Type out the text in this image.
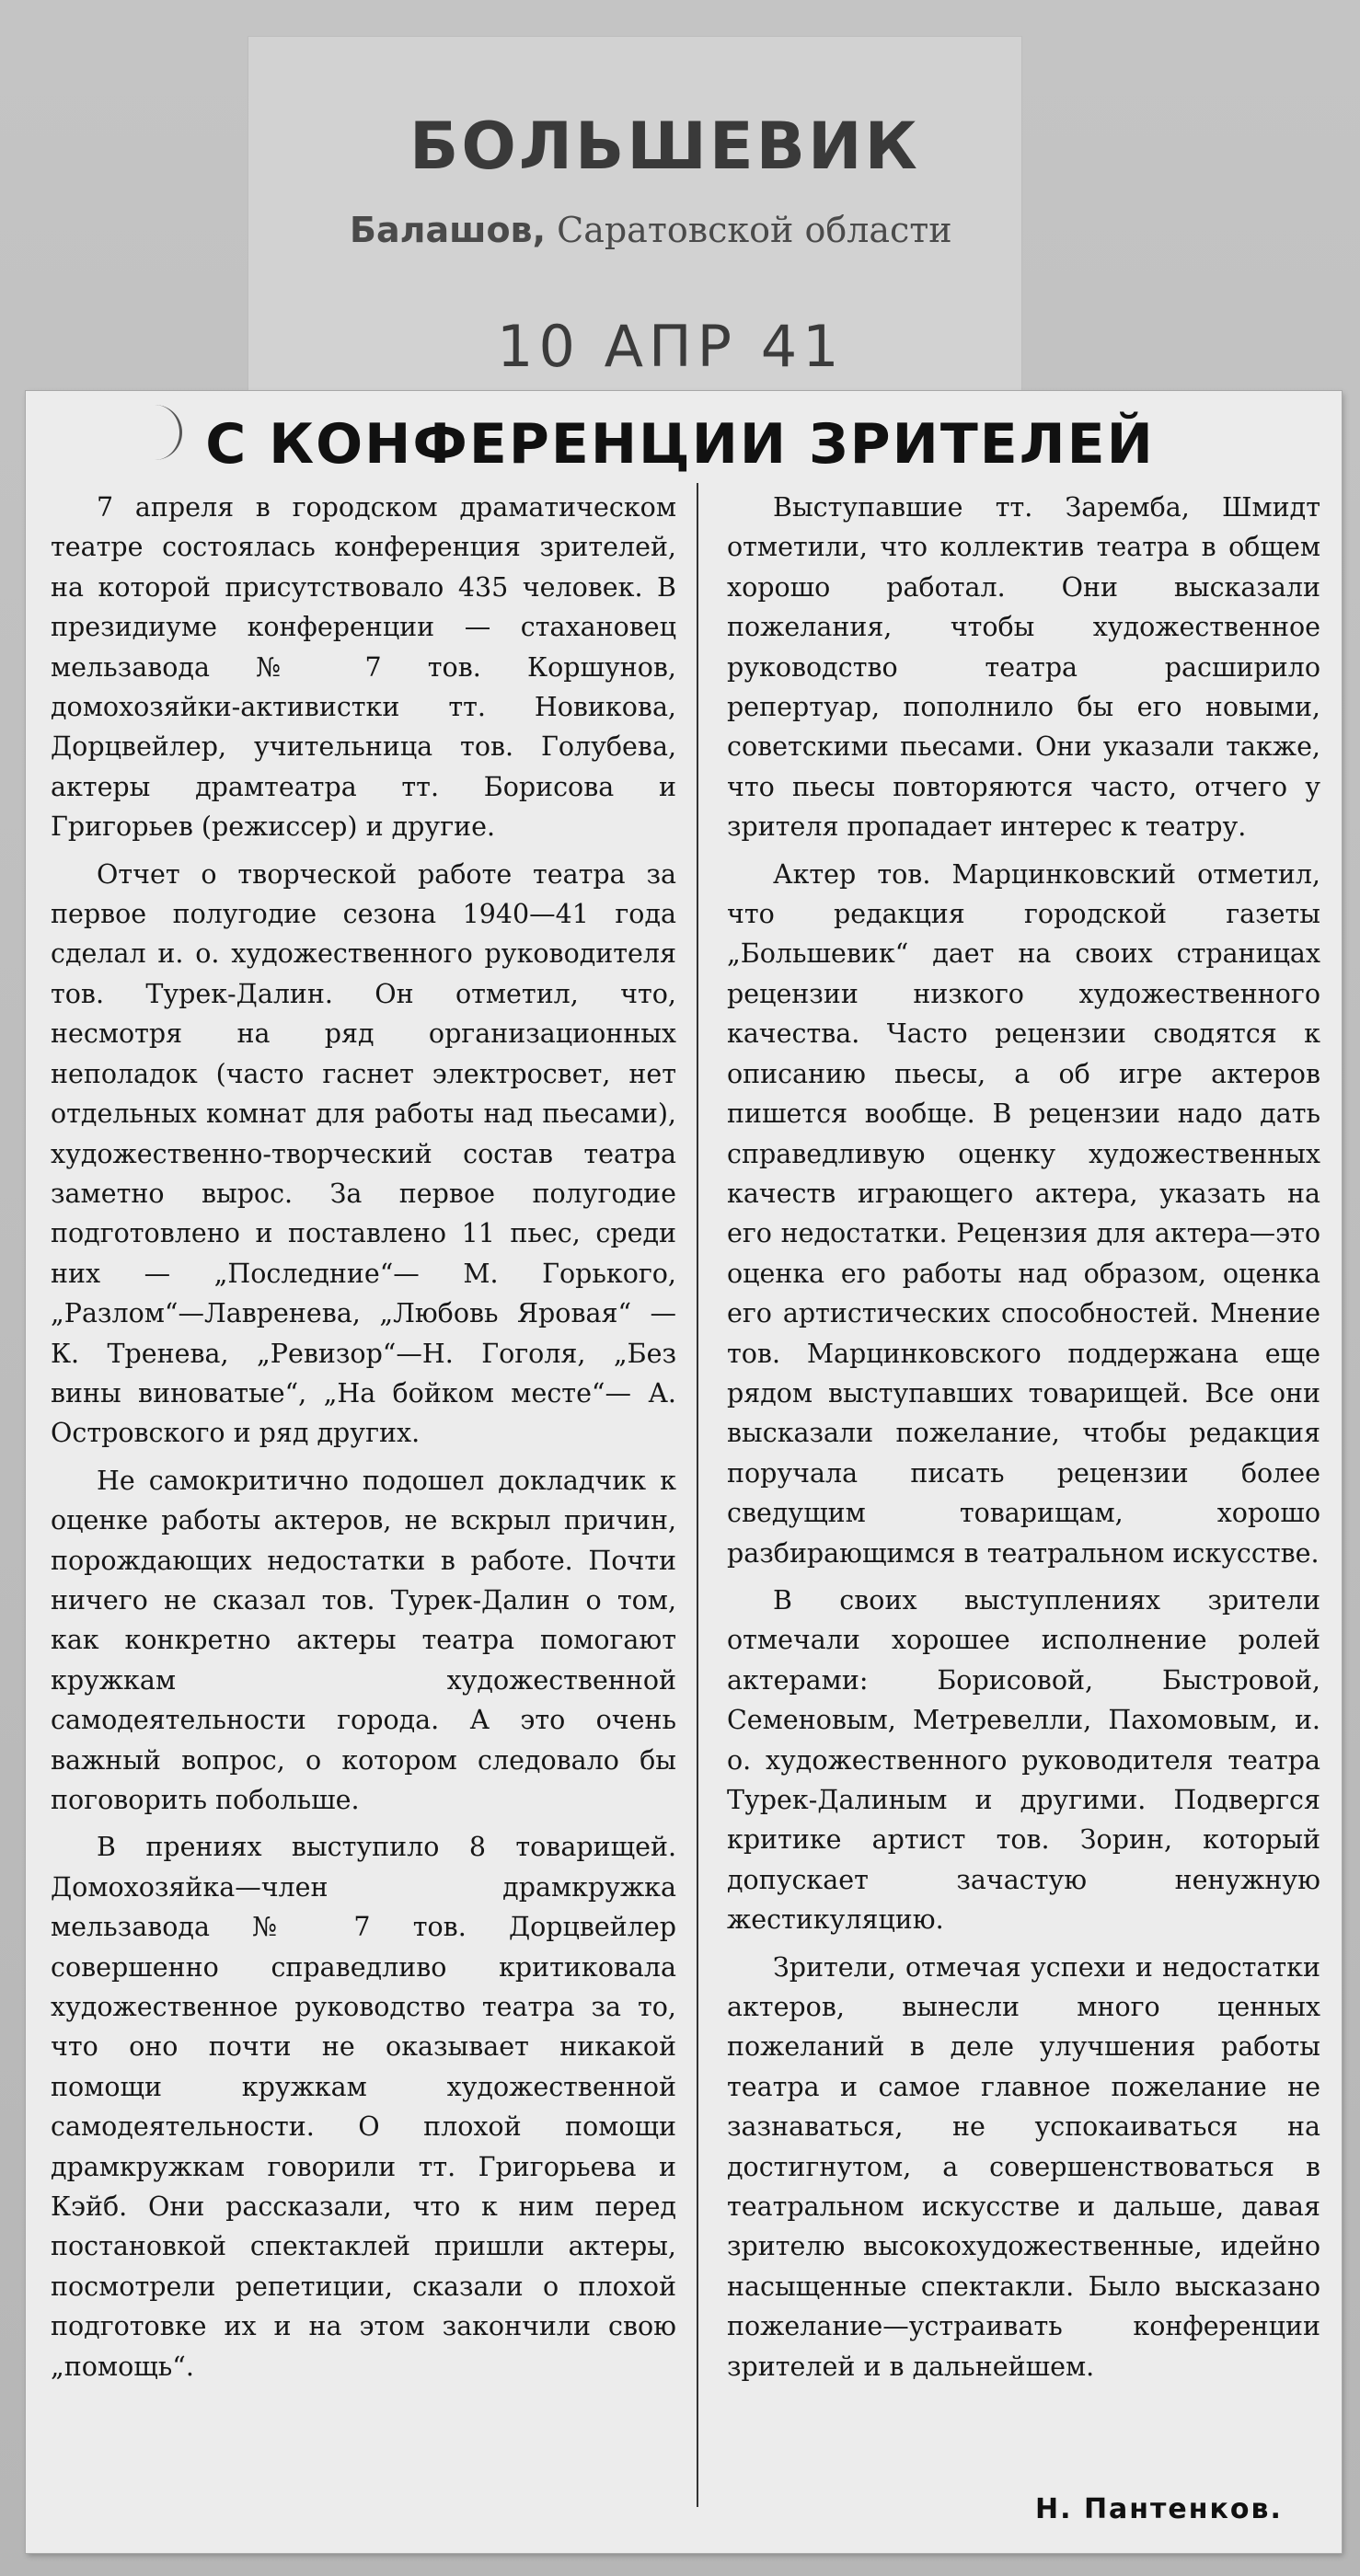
БОЛЬШЕВИК
Балашов, Саратовской области
10 АПР 41
С КОНФЕРЕНЦИИ ЗРИТЕЛЕЙ

7 апреля в городском драматическом театре состоялась конференция зрителей, на которой присутствовало 435 человек. В президиуме конференции — стахановец мельзавода № 7 тов. Коршунов, домохозяйки-активистки тт. Новикова, Дорцвейлер, учительница тов. Голубева, актеры драмтеатра тт. Борисова и Григорьев (режиссер) и другие.

Отчет о творческой работе театра за первое полугодие сезона 1940—41 года сделал и. о. художественного руководителя тов. Турек-Далин. Он отметил, что, несмотря на ряд организационных неполадок (часто гаснет электросвет, нет отдельных комнат для работы над пьесами), художественно-творческий состав театра заметно вырос. За первое полугодие подготовлено и поставлено 11 пьес, среди них — „Последние“— М. Горького, „Разлом“—Лавренева, „Любовь Яровая“ — К. Тренева, „Ревизор“—Н. Гоголя, „Без вины виноватые“, „На бойком месте“— А. Островского и ряд других.

Не самокритично подошел докладчик к оценке работы актеров, не вскрыл причин, порождающих недостатки в работе. Почти ничего не сказал тов. Турек-Далин о том, как конкретно актеры театра помогают кружкам художественной самодеятельности города. А это очень важный вопрос, о котором следовало бы поговорить побольше.

В прениях выступило 8 товарищей. Домохозяйка—член драмкружка мельзавода № 7 тов. Дорцвейлер совершенно справедливо критиковала художественное руководство театра за то, что оно почти не оказывает никакой помощи кружкам художественной самодеятельности. О плохой помощи драмкружкам говорили тт. Григорьева и Кэйб. Они рассказали, что к ним перед постановкой спектаклей пришли актеры, посмотрели репетиции, сказали о плохой подготовке их и на этом закончили свою „помощь“.

Выступавшие тт. Заремба, Шмидт отметили, что коллектив театра в общем хорошо работал. Они высказали пожелания, чтобы художественное руководство театра расширило репертуар, пополнило бы его новыми, советскими пьесами. Они указали также, что пьесы повторяются часто, отчего у зрителя пропадает интерес к театру.

Актер тов. Марцинковский отметил, что редакция городской газеты „Большевик“ дает на своих страницах рецензии низкого художественного качества. Часто рецензии сводятся к описанию пьесы, а об игре актеров пишется вообще. В рецензии надо дать справедливую оценку художественных качеств играющего актера, указать на его недостатки. Рецензия для актера—это оценка его работы над образом, оценка его артистических способностей. Мнение тов. Марцинковского поддержана еще рядом выступавших товарищей. Все они высказали пожелание, чтобы редакция поручала писать рецензии более сведущим товарищам, хорошо разбирающимся в театральном искусстве.

В своих выступлениях зрители отмечали хорошее исполнение ролей актерами: Борисовой, Быстровой, Семеновым, Метревелли, Пахомовым, и. о. художественного руководителя театра Турек-Далиным и другими. Подвергся критике артист тов. Зорин, который допускает зачастую ненужную жестикуляцию.

Зрители, отмечая успехи и недостатки актеров, вынесли много ценных пожеланий в деле улучшения работы театра и самое главное пожелание не зазнаваться, не успокаиваться на достигнутом, а совершенствоваться в театральном искусстве и дальше, давая зрителю высокохудожественные, идейно насыщенные спектакли. Было высказано пожелание—устраивать конференции зрителей и в дальнейшем.

Н. Пантенков.
